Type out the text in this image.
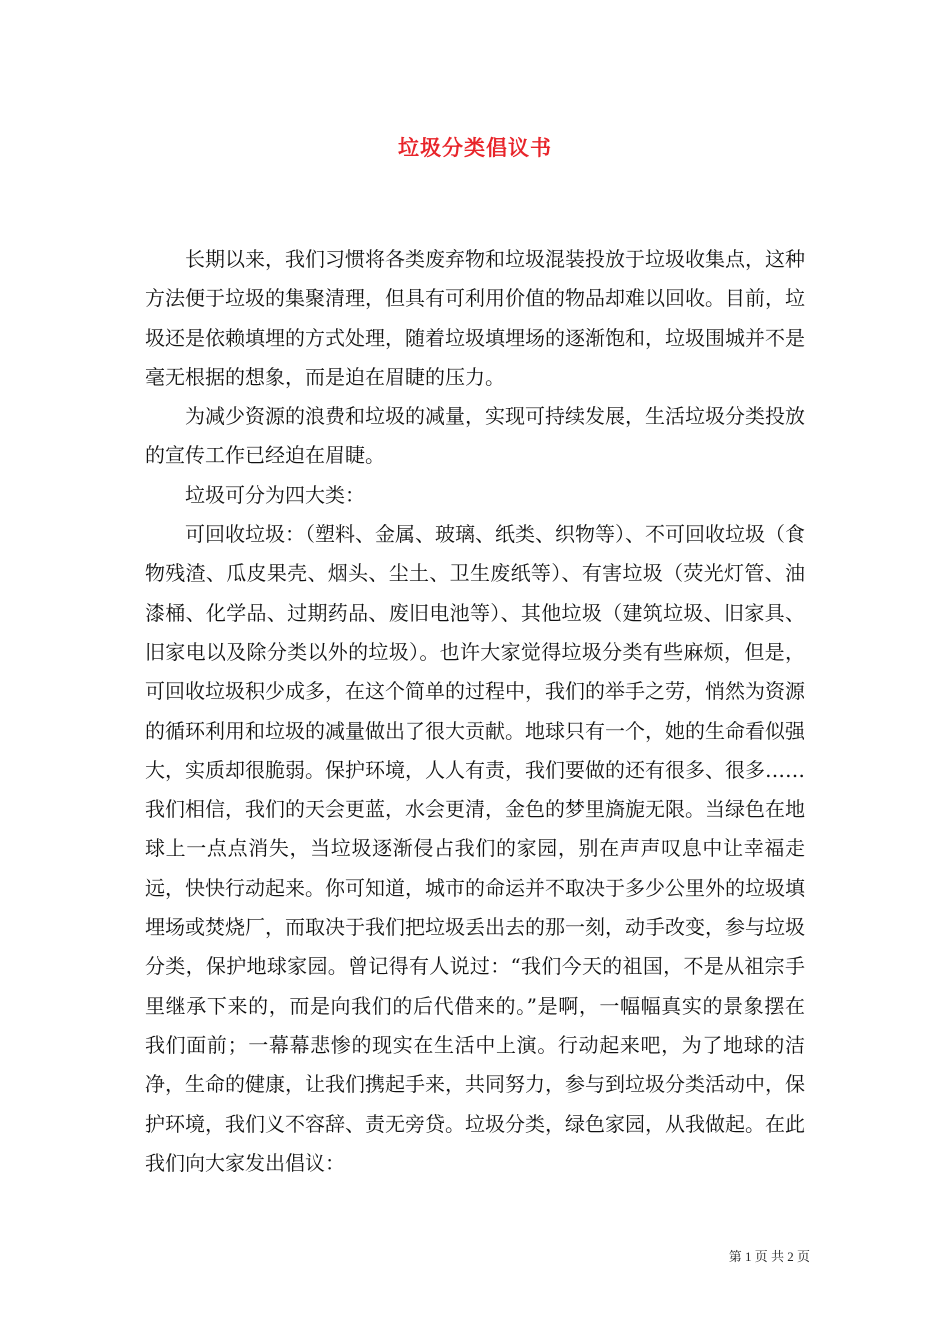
垃圾分类倡议书

长期以来，我们习惯将各类废弃物和垃圾混装投放于垃圾收集点，这种方法便于垃圾的集聚清理，但具有可利用价值的物品却难以回收。目前，垃圾还是依赖填埋的方式处理，随着垃圾填埋场的逐渐饱和，垃圾围城并不是毫无根据的想象，而是迫在眉睫的压力。

为减少资源的浪费和垃圾的减量，实现可持续发展，生活垃圾分类投放的宣传工作已经迫在眉睫。

垃圾可分为四大类：

可回收垃圾：（塑料、金属、玻璃、纸类、织物等）、不可回收垃圾（食物残渣、瓜皮果壳、烟头、尘土、卫生废纸等）、有害垃圾（荧光灯管、油漆桶、化学品、过期药品、废旧电池等）、其他垃圾（建筑垃圾、旧家具、旧家电以及除分类以外的垃圾）。也许大家觉得垃圾分类有些麻烦，但是，可回收垃圾积少成多，在这个简单的过程中，我们的举手之劳，悄然为资源的循环利用和垃圾的减量做出了很大贡献。地球只有一个，她的生命看似强大，实质却很脆弱。保护环境，人人有责，我们要做的还有很多、很多……我们相信，我们的天会更蓝，水会更清，金色的梦里旖旎无限。当绿色在地球上一点点消失，当垃圾逐渐侵占我们的家园，别在声声叹息中让幸福走远，快快行动起来。你可知道，城市的命运并不取决于多少公里外的垃圾填埋场或焚烧厂，而取决于我们把垃圾丢出去的那一刻，动手改变，参与垃圾分类，保护地球家园。曾记得有人说过：“我们今天的祖国，不是从祖宗手里继承下来的，而是向我们的后代借来的。”是啊，一幅幅真实的景象摆在我们面前；一幕幕悲惨的现实在生活中上演。行动起来吧，为了地球的洁净，生命的健康，让我们携起手来，共同努力，参与到垃圾分类活动中，保护环境，我们义不容辞、责无旁贷。垃圾分类，绿色家园，从我做起。在此我们向大家发出倡议：

第 1 页 共 2 页
